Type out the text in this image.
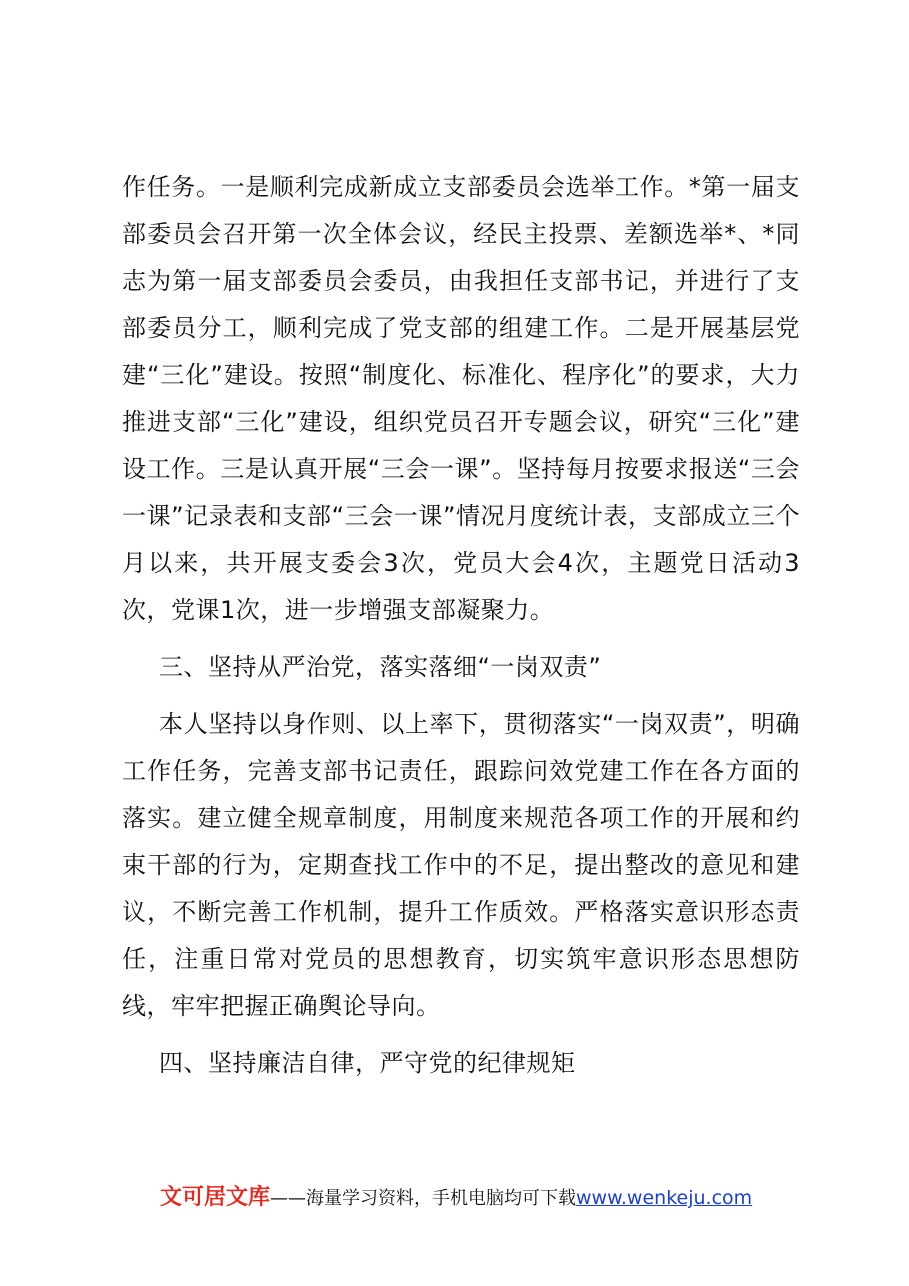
作任务。一是顺利完成新成立支部委员会选举工作。*第一届支部委员会召开第一次全体会议，经民主投票、差额选举*、*同志为第一届支部委员会委员，由我担任支部书记，并进行了支部委员分工，顺利完成了党支部的组建工作。二是开展基层党建“三化”建设。按照“制度化、标准化、程序化”的要求，大力推进支部“三化”建设，组织党员召开专题会议，研究“三化”建设工作。三是认真开展“三会一课”。坚持每月按要求报送“三会一课”记录表和支部“三会一课”情况月度统计表，支部成立三个月以来，共开展支委会3次，党员大会4次，主题党日活动3次，党课1次，进一步增强支部凝聚力。

三、坚持从严治党，落实落细“一岗双责”

本人坚持以身作则、以上率下，贯彻落实“一岗双责”，明确工作任务，完善支部书记责任，跟踪问效党建工作在各方面的落实。建立健全规章制度，用制度来规范各项工作的开展和约束干部的行为，定期查找工作中的不足，提出整改的意见和建议，不断完善工作机制，提升工作质效。严格落实意识形态责任，注重日常对党员的思想教育，切实筑牢意识形态思想防线，牢牢把握正确舆论导向。

四、坚持廉洁自律，严守党的纪律规矩

文可居文库——海量学习资料，手机电脑均可下载www.wenkeju.com
